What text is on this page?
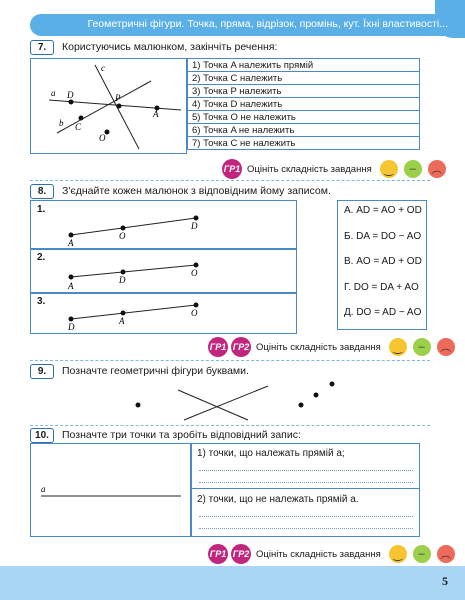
Геометричні фігури. Точка, пряма, відрізок, промінь, кут. Їхні властивості...
7.	Користуючись малюнком, закінчіть речення:
a D	P
A
c
b C
O
1) Точка A належить прямій
2) Точка C належить
3) Точка P належить
4) Точка D належить
5) Точка O не належить
6) Точка A не належить
7) Точка C не належить
ГР1 Оцініть складність завдання	‿	–	︵
8.	З'єднайте кожен малюнок з відповідним йому записом.
1.
A
O
D
2.
A
D
O
3.
D
A
O
А. AD = AO + OD
Б. DA = DO − AO
В. AO = AD + OD
Г. DO = DA + AO
Д. DO = AD − AO
ГР1 ГР2 Оцініть складність завдання	‿	–	︵
9.	Позначте геометричні фігури буквами.
10.	Позначте три точки та зробіть відповідний запис:
a
1) точки, що належать прямій a;
2) точки, що не належать прямій a.
ГР1 ГР2 Оцініть складність завдання	‿	–	︵
5
